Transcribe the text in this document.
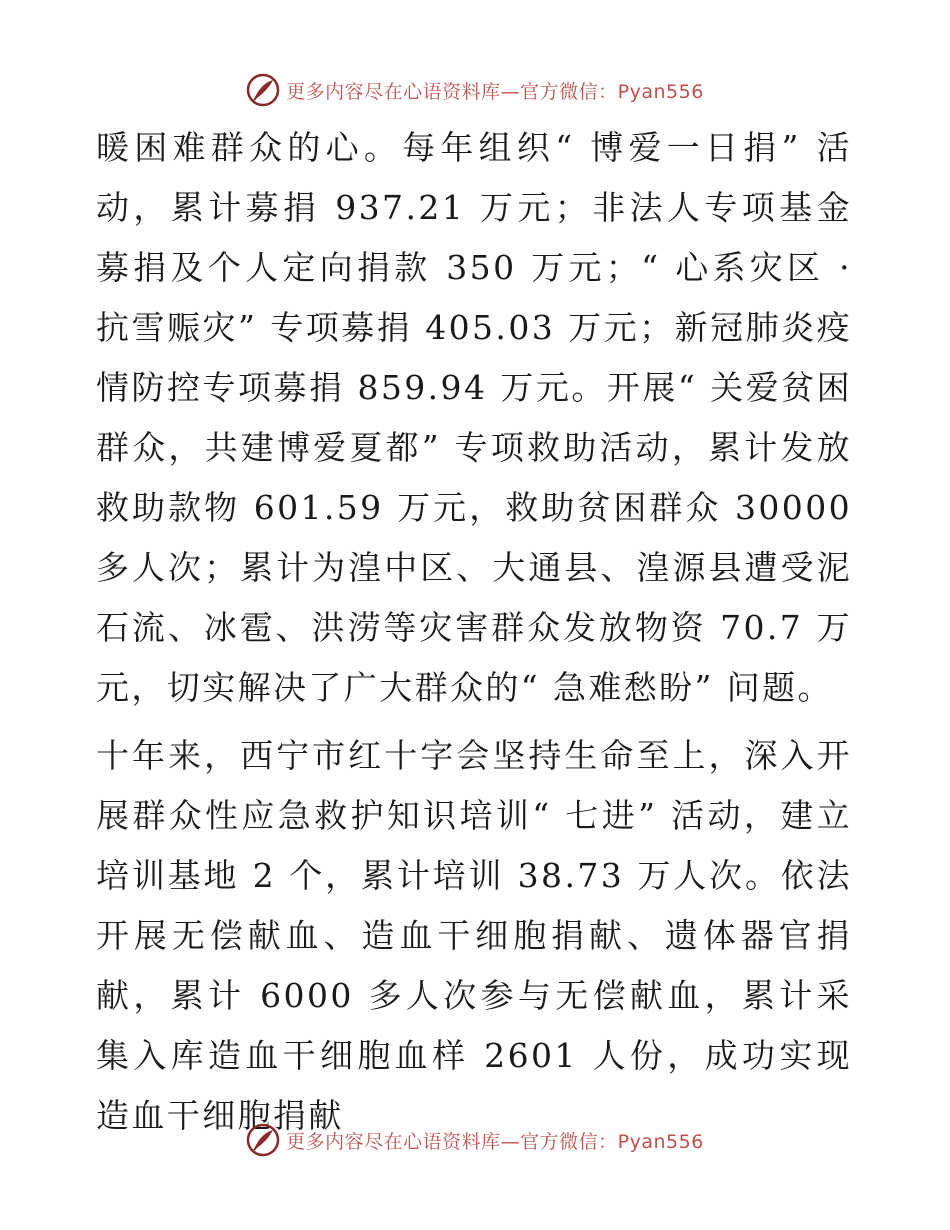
更多内容尽在心语资料库—官方微信：Pyan556

暖困难群众的心。每年组织“ 博爱一日捐” 活动，累计募捐 937.21 万元；非法人专项基金募捐及个人定向捐款 350 万元；“ 心系灾区 · 抗雪赈灾” 专项募捐 405.03 万元；新冠肺炎疫情防控专项募捐 859.94 万元。开展“ 关爱贫困群众，共建博爱夏都” 专项救助活动，累计发放救助款物 601.59 万元，救助贫困群众 30000 多人次；累计为湟中区、大通县、湟源县遭受泥石流、冰雹、洪涝等灾害群众发放物资 70.7 万元，切实解决了广大群众的“ 急难愁盼” 问题。

十年来，西宁市红十字会坚持生命至上，深入开展群众性应急救护知识培训“ 七进” 活动，建立培训基地 2 个，累计培训 38.73 万人次。依法开展无偿献血、造血干细胞捐献、遗体器官捐献，累计 6000 多人次参与无偿献血，累计采集入库造血干细胞血样 2601 人份，成功实现造血干细胞捐献

更多内容尽在心语资料库—官方微信：Pyan556
